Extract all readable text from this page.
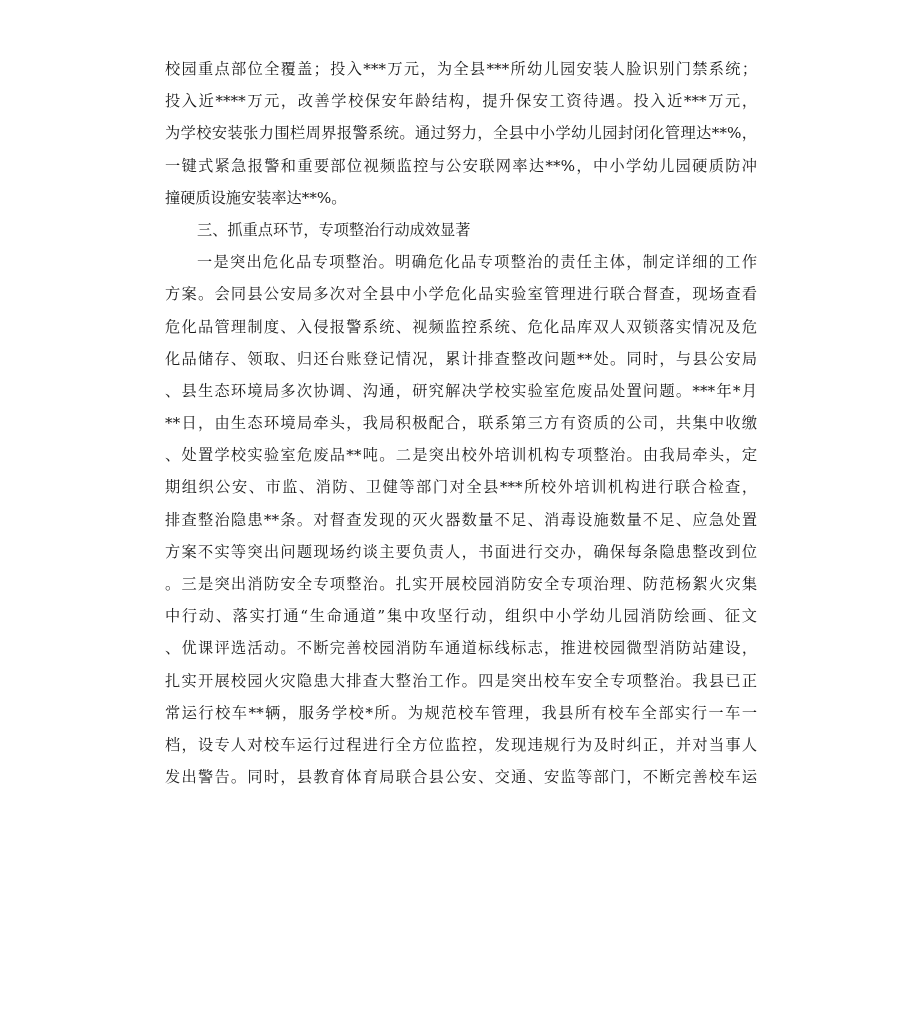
校园重点部位全覆盖；投入***万元，为全县***所幼儿园安装人脸识别门禁系统；
投入近****万元，改善学校保安年龄结构，提升保安工资待遇。投入近***万元，
为学校安装张力围栏周界报警系统。通过努力，全县中小学幼儿园封闭化管理达**%，
一键式紧急报警和重要部位视频监控与公安联网率达**%，中小学幼儿园硬质防冲
撞硬质设施安装率达**%。
三、抓重点环节，专项整治行动成效显著
一是突出危化品专项整治。明确危化品专项整治的责任主体，制定详细的工作
方案。会同县公安局多次对全县中小学危化品实验室管理进行联合督查，现场查看
危化品管理制度、入侵报警系统、视频监控系统、危化品库双人双锁落实情况及危
化品储存、领取、归还台账登记情况，累计排查整改问题**处。同时，与县公安局
、县生态环境局多次协调、沟通，研究解决学校实验室危废品处置问题。***年*月
**日，由生态环境局牵头，我局积极配合，联系第三方有资质的公司，共集中收缴
、处置学校实验室危废品**吨。二是突出校外培训机构专项整治。由我局牵头，定
期组织公安、市监、消防、卫健等部门对全县***所校外培训机构进行联合检查，
排查整治隐患**条。对督查发现的灭火器数量不足、消毒设施数量不足、应急处置
方案不实等突出问题现场约谈主要负责人，书面进行交办，确保每条隐患整改到位
。三是突出消防安全专项整治。扎实开展校园消防安全专项治理、防范杨絮火灾集
中行动、落实打通“生命通道”集中攻坚行动，组织中小学幼儿园消防绘画、征文
、优课评选活动。不断完善校园消防车通道标线标志，推进校园微型消防站建设，
扎实开展校园火灾隐患大排查大整治工作。四是突出校车安全专项整治。我县已正
常运行校车**辆，服务学校*所。为规范校车管理，我县所有校车全部实行一车一
档，设专人对校车运行过程进行全方位监控，发现违规行为及时纠正，并对当事人
发出警告。同时，县教育体育局联合县公安、交通、安监等部门，不断完善校车运
